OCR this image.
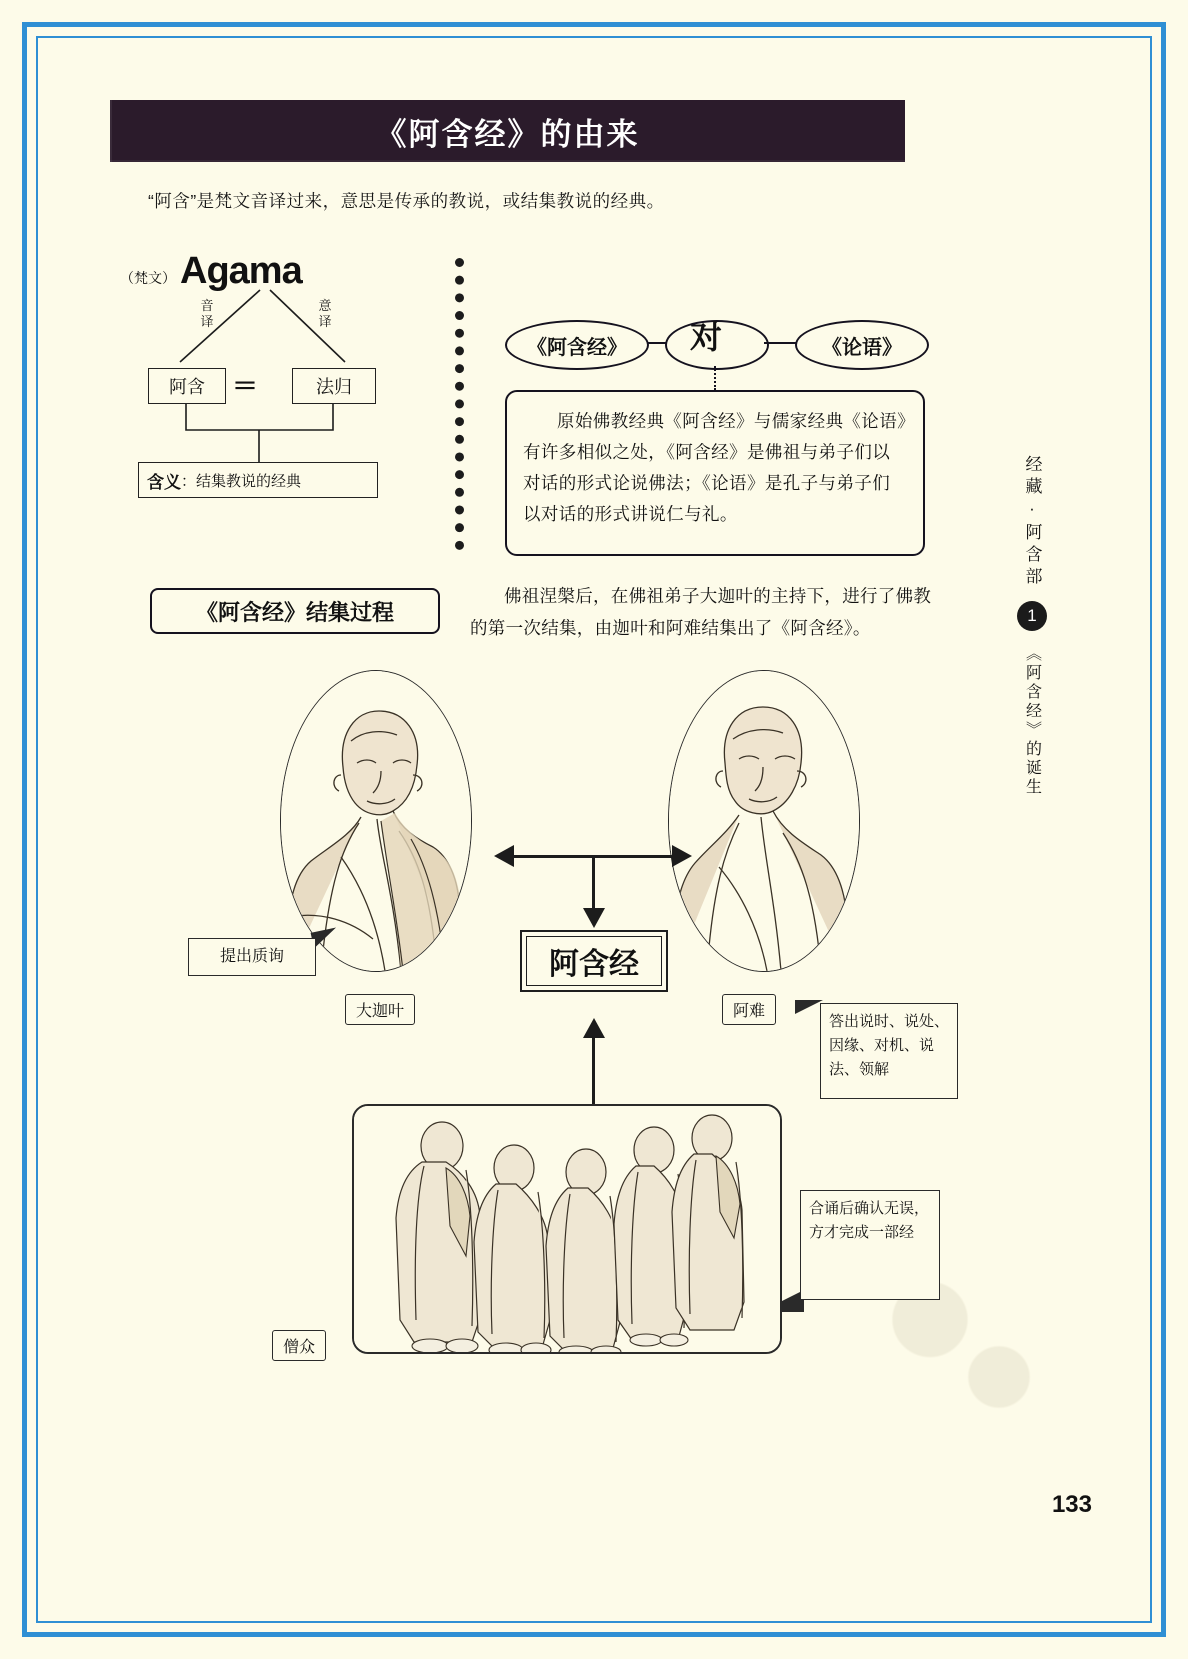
《阿含经》的由来
“阿含”是梵文音译过来，意思是传承的教说，或结集教说的经典。
（梵文） Agama
音译
意译
阿含	＝	法归
含义 ： 结集教说的经典
《阿含经》	对	《论语》

原始佛教经典《阿含经》与儒家经典《论语》有许多相似之处，《阿含经》是佛祖与弟子们以对话的形式论说佛法；《论语》是孔子与弟子们以对话的形式讲说仁与礼。

《阿含经》结集过程

佛祖涅槃后，在佛祖弟子大迦叶的主持下，进行了佛教的第一次结集，由迦叶和阿难结集出了《阿含经》。

阿含经
提出质询
答出说时、说处、因缘、对机、说法、领解
合诵后确认无误，方才完成一部经
大迦叶	阿难
僧众
经藏·阿含部
1
《阿含经》的诞生
133
